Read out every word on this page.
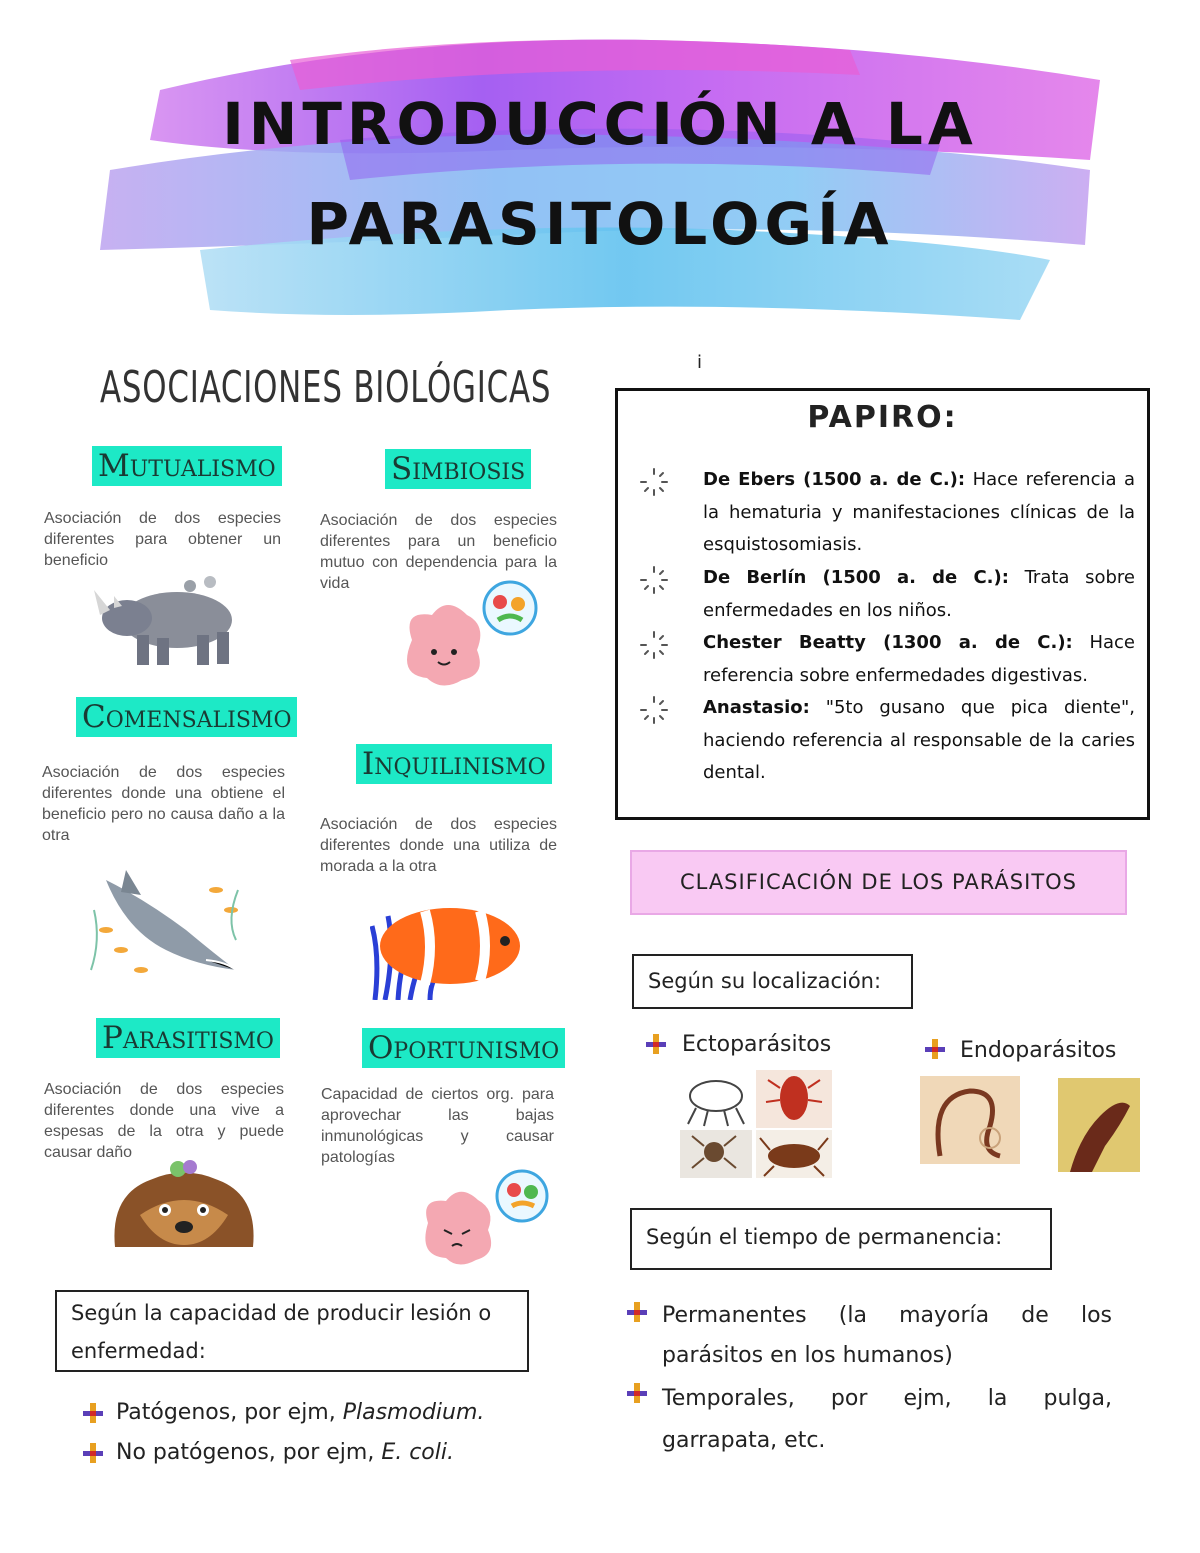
INTRODUCCIÓN A LA
PARASITOLOGÍA
i
ASOCIACIONES BIOLÓGICAS
Mutualismo
Asociación de dos especies diferentes para obtener un beneficio
Simbiosis
Asociación de dos especies diferentes para un beneficio mutuo con dependencia para la vida
Comensalismo
Asociación de dos especies diferentes donde una obtiene el beneficio pero no causa daño a la otra
Inquilinismo
Asociación de dos especies diferentes donde una utiliza de morada a la otra
Parasitismo
Asociación de dos especies diferentes donde una vive a espesas de la otra y puede causar daño
Oportunismo
Capacidad de ciertos org. para aprovechar las bajas inmunológicas y causar patologías
Según la capacidad de producir lesión o enfermedad:
Patógenos, por ejm, Plasmodium.
No patógenos, por ejm, E. coli.
PAPIRO:
De Ebers (1500 a. de C.): Hace referencia a la hematuria y manifestaciones clínicas de la esquistosomiasis.
De Berlín (1500 a. de C.): Trata sobre enfermedades en los niños.
Chester Beatty (1300 a. de C.): Hace referencia sobre enfermedades digestivas.
Anastasio: "5to gusano que pica diente", haciendo referencia al responsable de la caries dental.
CLASIFICACIÓN DE LOS PARÁSITOS
Según su localización:
Ectoparásitos	Endoparásitos
Según el tiempo de permanencia:
Permanentes (la mayoría de los parásitos en los humanos)
Temporales, por ejm, la pulga, garrapata, etc.
